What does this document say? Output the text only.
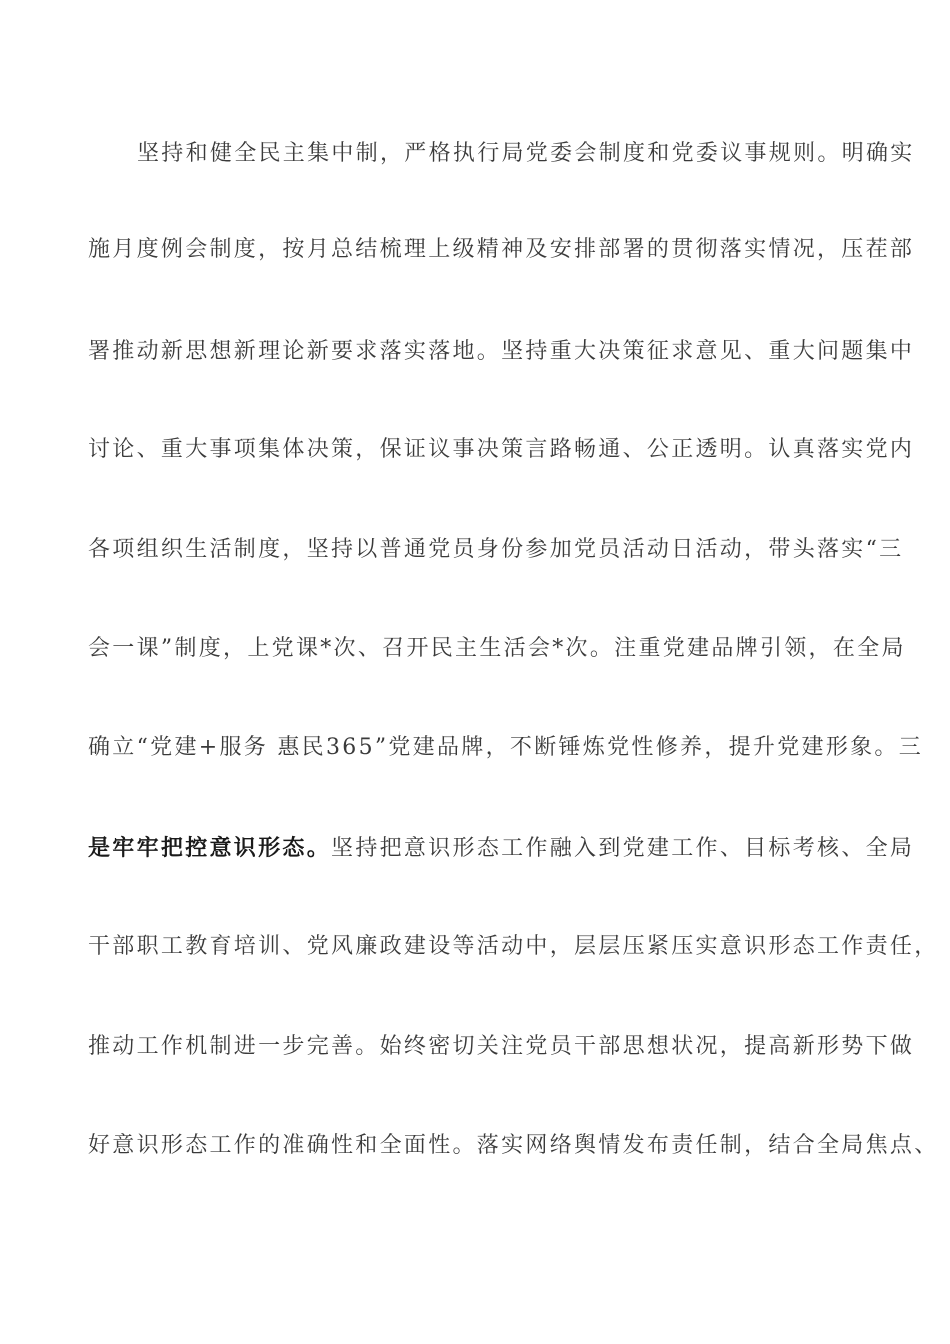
坚持和健全民主集中制，严格执行局党委会制度和党委议事规则。明确实
施月度例会制度，按月总结梳理上级精神及安排部署的贯彻落实情况，压茬部
署推动新思想新理论新要求落实落地。坚持重大决策征求意见、重大问题集中
讨论、重大事项集体决策，保证议事决策言路畅通、公正透明。认真落实党内
各项组织生活制度，坚持以普通党员身份参加党员活动日活动，带头落实“三
会一课”制度，上党课*次、召开民主生活会*次。注重党建品牌引领，在全局
确立“党建+服务 惠民365”党建品牌，不断锤炼党性修养，提升党建形象。三
是牢牢把控意识形态。坚持把意识形态工作融入到党建工作、目标考核、全局
干部职工教育培训、党风廉政建设等活动中，层层压紧压实意识形态工作责任，
推动工作机制进一步完善。始终密切关注党员干部思想状况，提高新形势下做
好意识形态工作的准确性和全面性。落实网络舆情发布责任制，结合全局焦点、
